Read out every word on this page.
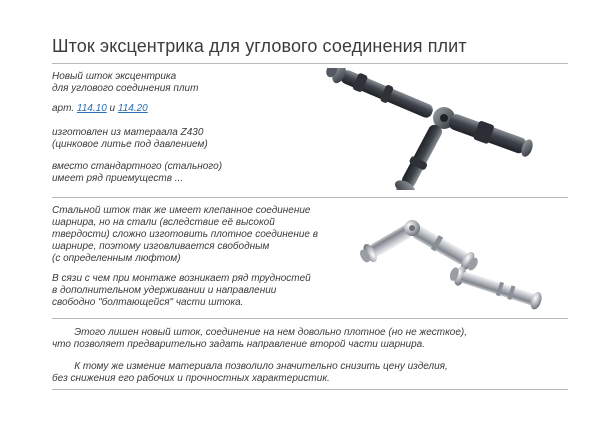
Шток эксцентрика для углового соединения плит
Новый шток эксцентрика
для углового соединения плит
арт. 114.10 и 114.20
изготовлен из матераала Z430
(цинковое литье под давлением)
вместо стандартного (стального)
имеет ряд приемуществ ...
Стальной шток так же имеет клепанное соединение
шарнира, но на стали (вследствие её высокой
твердости) сложно изготовить плотное соединение в
шарнире, поэтому изговливается свободным
(с определенным люфтом)
В сязи с чем при монтаже возникает ряд трудностей
в дополнительном удерживании и направлении
свободно "болтающейся" части штока.
Этого лишен новый шток, соединение на нем довольно плотное (но не жесткое),
что позволяет предварительно задать направление второй части шарнира.
К тому же измение материала позволило значительно снизить цену изделия,
без снижения его рабочих и прочностных характеристик.
